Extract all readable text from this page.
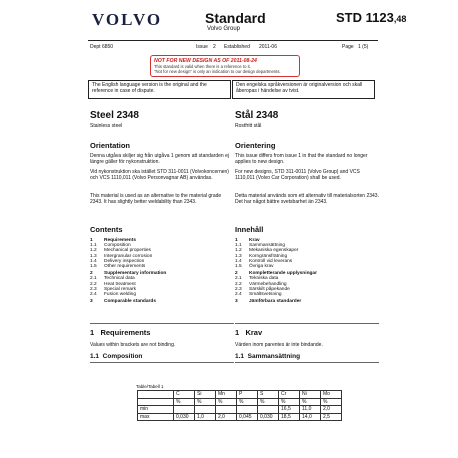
VOLVO	Standard
Volvo Group
STD 1123,48
Dept 6850	Issue 2 Established 2011-06	Page 1 (5)
NOT FOR NEW DESIGN AS OF 2011-08-24
This standard is valid when there is a reference to it.
"Not for new design" is only an indication to our design departments.
The English language version is the original and the reference in case of dispute.
Den engelska språkversionen är originalversion och skall åberopas i händelse av tvist.
Steel 2348
Stainless steel
Orientation
Denna utgåva skiljer sig från utgåva 1 genom att standarden ej längre gäller för nykonstruktion.
Vid nykonstruktion ska istället STD 311-0011 (Volvokoncernen) och VCS 1110,011 (Volvo Personvagnar AB) användas.
This material is used as an alternative to the material grade 2343. It has slightly better weldability than 2343.
Contents
1 Requirements
1.1 Composition
1.2 Mechanical properties
1.3 Intergranular corrosion
1.4 Delivery inspection
1.5 Other requirements
2 Supplementary information
2.1 Technical data
2.2 Heat treatment
2.3 Special remark
2.4 Fusion welding
3 Comparable standards
1 Requirements
Values within brackets are not binding.
1.1 Composition
Stål 2348
Rostfritt stål
Orientering
This issue differs from issue 1 in that the standard no longer applies to new design.
For new designs, STD 311-0011 (Volvo Group) and VCS 1110,011 (Volvo Car Corporation) shall be used.
Detta material används som ett alternativ till materialsorten 2343. Det har något bättre svetsbarhet än 2343.
Innehåll
1 Krav
1.1 Sammansättning
1.2 Mekaniska egenskaper
1.3 Korngränsfrätning
1.4 Kontroll vid leverans
1.5 Övriga krav
2 Kompletterande upplysningar
2.1 Tekniska data
2.2 Värmebehandling
2.3 Särskilt påpekande
2.4 Smältsvetsning
3 Jämförbara standarder
1 Krav
Värden inom parentes är inte bindande.
1.1 Sammansättning
Table/Tabell 1
	C	Si	Mn	P	S	Cr	Ni	Mo
	%	%	%	%	%	%	%	%
min						16,5	11,0	2,0
max	0,030	1,0	2,0	0,045	0,030	18,5	14,0	2,5
